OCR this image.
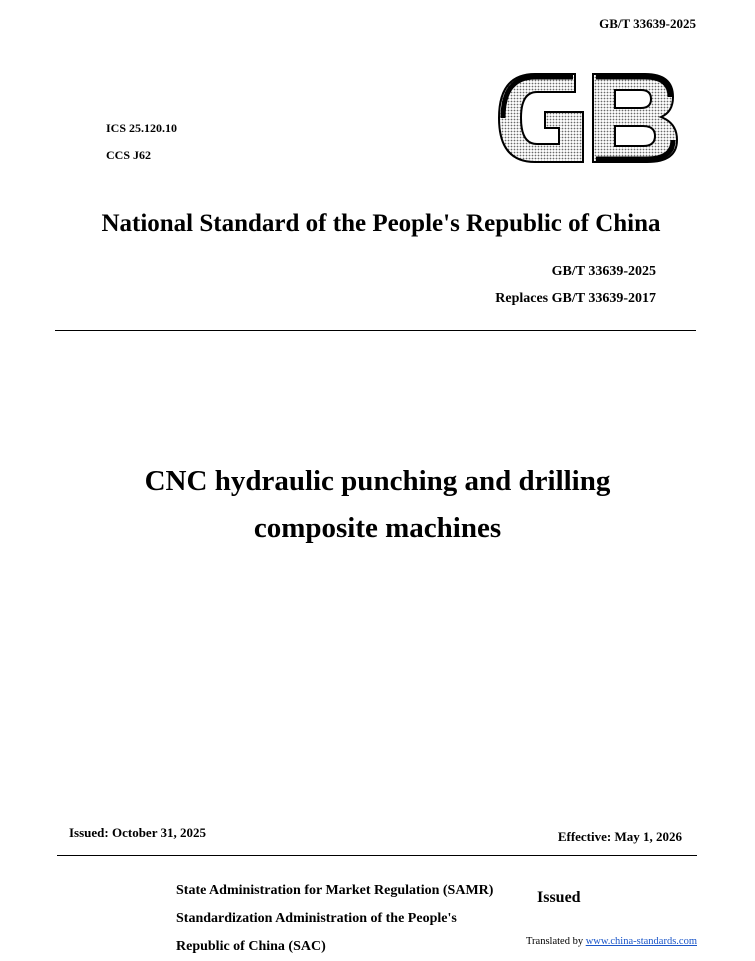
GB/T 33639-2025
ICS 25.120.10
CCS J62
National Standard of the People's Republic of China
GB/T 33639-2025
Replaces GB/T 33639-2017
CNC hydraulic punching and drilling
composite machines
Issued: October 31, 2025	Effective: May 1, 2026
State Administration for Market Regulation (SAMR)
Standardization Administration of the People's
Republic of China (SAC)
Issued
Translated by www.china-standards.com
